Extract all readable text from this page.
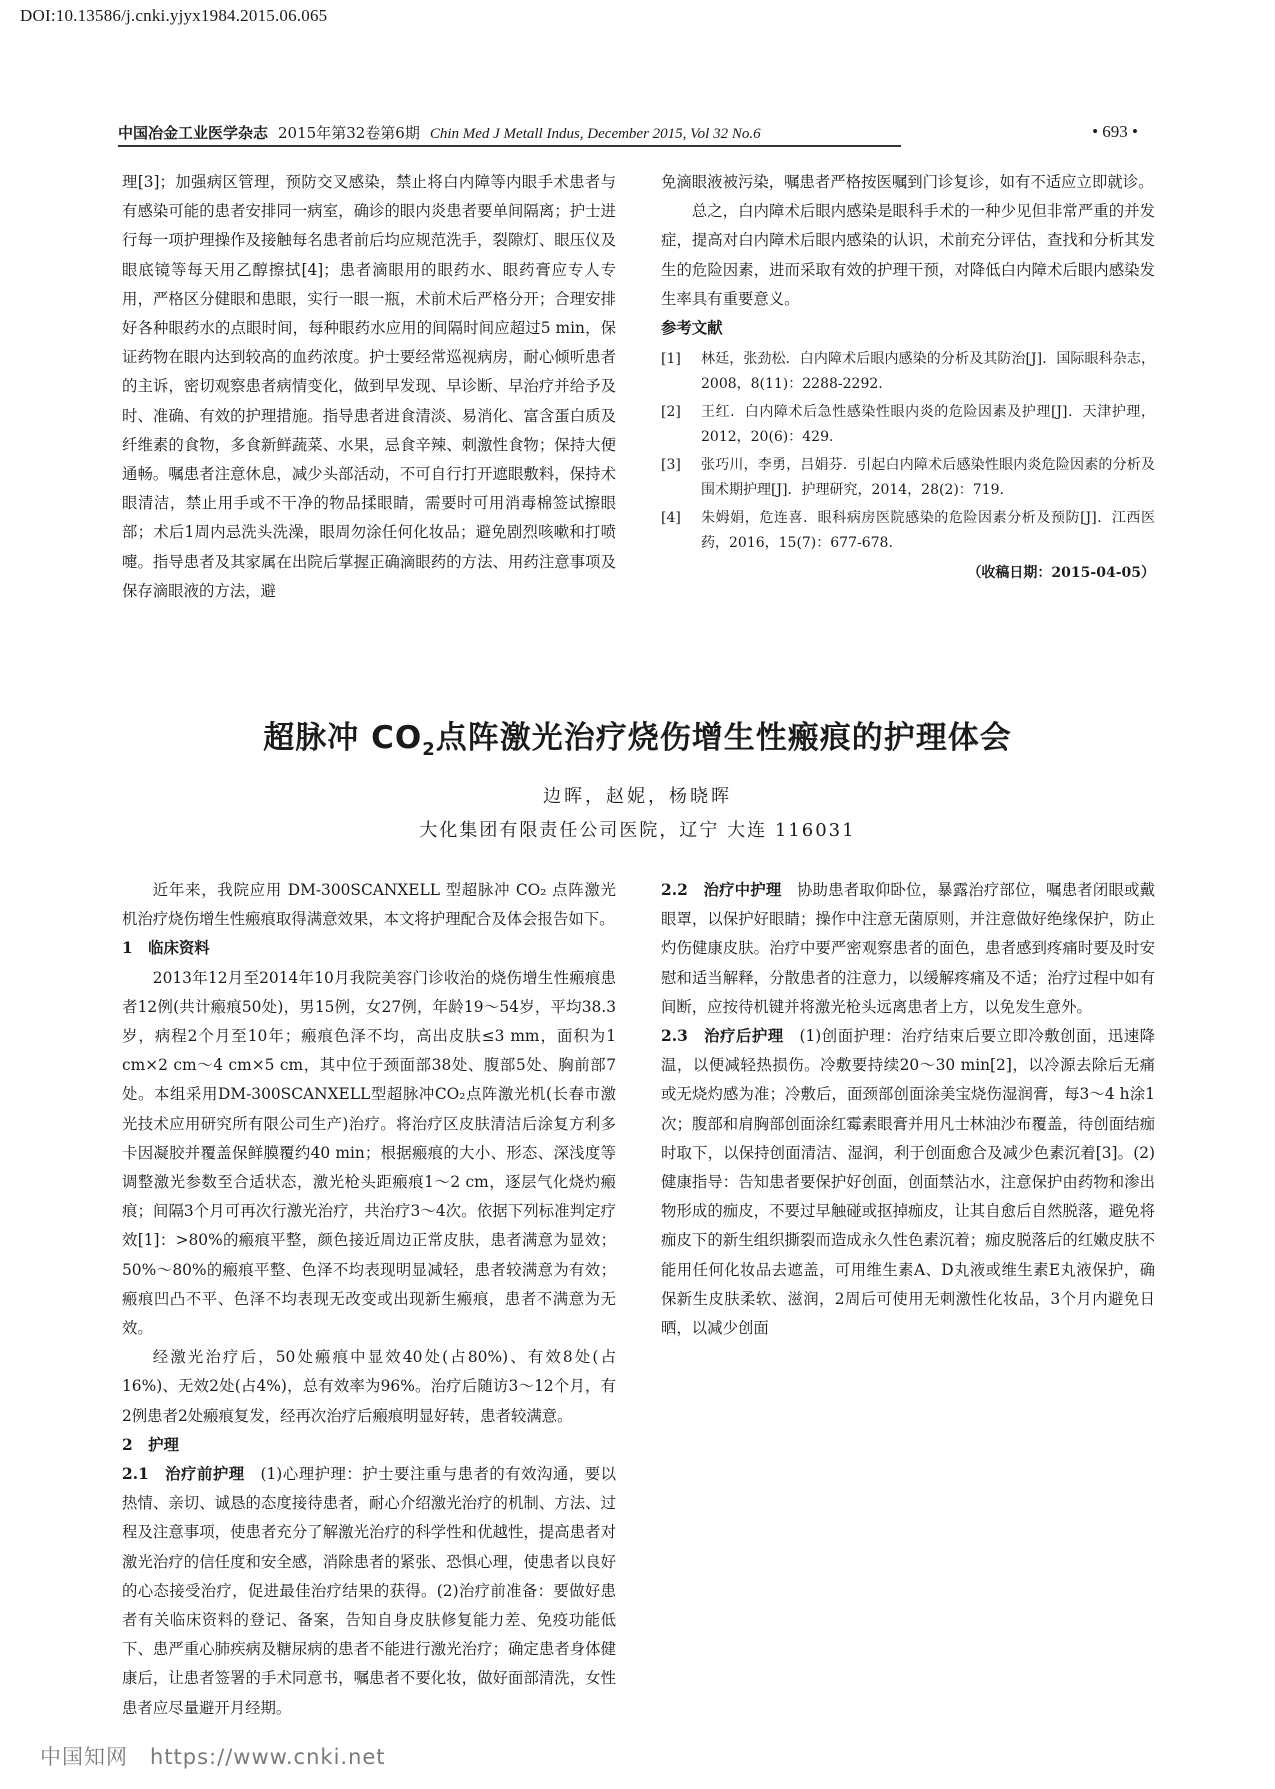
DOI:10.13586/j.cnki.yjyx1984.2015.06.065
中国冶金工业医学杂志 2015年第32卷第6期 Chin Med J Metall Indus, December 2015, Vol 32 No.6	• 693 •

理[3]；加强病区管理，预防交叉感染，禁止将白内障等内眼手术患者与有感染可能的患者安排同一病室，确诊的眼内炎患者要单间隔离；护士进行每一项护理操作及接触每名患者前后均应规范洗手，裂隙灯、眼压仪及眼底镜等每天用乙醇擦拭[4]；患者滴眼用的眼药水、眼药膏应专人专用，严格区分健眼和患眼，实行一眼一瓶，术前术后严格分开；合理安排好各种眼药水的点眼时间，每种眼药水应用的间隔时间应超过5 min，保证药物在眼内达到较高的血药浓度。护士要经常巡视病房，耐心倾听患者的主诉，密切观察患者病情变化，做到早发现、早诊断、早治疗并给予及时、准确、有效的护理措施。指导患者进食清淡、易消化、富含蛋白质及纤维素的食物，多食新鲜蔬菜、水果，忌食辛辣、刺激性食物；保持大便通畅。嘱患者注意休息，减少头部活动，不可自行打开遮眼敷料，保持术眼清洁，禁止用手或不干净的物品揉眼睛，需要时可用消毒棉签试擦眼部；术后1周内忌洗头洗澡，眼周勿涂任何化妆品；避免剧烈咳嗽和打喷嚏。指导患者及其家属在出院后掌握正确滴眼药的方法、用药注意事项及保存滴眼液的方法，避

免滴眼液被污染，嘱患者严格按医嘱到门诊复诊，如有不适应立即就诊。

总之，白内障术后眼内感染是眼科手术的一种少见但非常严重的并发症，提高对白内障术后眼内感染的认识，术前充分评估，查找和分析其发生的危险因素，进而采取有效的护理干预，对降低白内障术后眼内感染发生率具有重要意义。

参考文献

[1]	林廷，张劲松．白内障术后眼内感染的分析及其防治[J]．国际眼科杂志，2008，8(11)：2288-2292.
[2]	王红．白内障术后急性感染性眼内炎的危险因素及护理[J]．天津护理，2012，20(6)：429.
[3]	张巧川，李勇，吕娟芬．引起白内障术后感染性眼内炎危险因素的分析及围术期护理[J]．护理研究，2014，28(2)：719.
[4]	朱姆娟，危连喜．眼科病房医院感染的危险因素分析及预防[J]．江西医药，2016，15(7)：677-678.

（收稿日期：2015-04-05）

超脉冲 $CO_2$点阵激光治疗烧伤增生性瘢痕的护理体会
边晖，赵妮，杨晓晖
大化集团有限责任公司医院，辽宁 大连 116031

近年来，我院应用 DM-300SCANXELL 型超脉冲 CO₂ 点阵激光机治疗烧伤增生性瘢痕取得满意效果，本文将护理配合及体会报告如下。

1　临床资料

2013年12月至2014年10月我院美容门诊收治的烧伤增生性瘢痕患者12例(共计瘢痕50处)，男15例，女27例，年龄19～54岁，平均38.3岁，病程2个月至10年；瘢痕色泽不均，高出皮肤≤3 mm，面积为1 cm×2 cm～4 cm×5 cm，其中位于颈面部38处、腹部5处、胸前部7处。本组采用DM-300SCANXELL型超脉冲CO₂点阵激光机(长春市激光技术应用研究所有限公司生产)治疗。将治疗区皮肤清洁后涂复方利多卡因凝胶并覆盖保鲜膜覆约40 min；根据瘢痕的大小、形态、深浅度等调整激光参数至合适状态，激光枪头距瘢痕1～2 cm，逐层气化烧灼瘢痕；间隔3个月可再次行激光治疗，共治疗3～4次。依据下列标准判定疗效[1]：>80%的瘢痕平整，颜色接近周边正常皮肤，患者满意为显效；50%～80%的瘢痕平整、色泽不均表现明显减轻，患者较满意为有效；瘢痕凹凸不平、色泽不均表现无改变或出现新生瘢痕，患者不满意为无效。

经激光治疗后，50处瘢痕中显效40处(占80%)、有效8处(占16%)、无效2处(占4%)，总有效率为96%。治疗后随访3～12个月，有2例患者2处瘢痕复发，经再次治疗后瘢痕明显好转，患者较满意。

2　护理

2.1　治疗前护理　 (1)心理护理：护士要注重与患者的有效沟通，要以热情、亲切、诚恳的态度接待患者，耐心介绍激光治疗的机制、方法、过程及注意事项，使患者充分了解激光治疗的科学性和优越性，提高患者对激光治疗的信任度和安全感，消除患者的紧张、恐惧心理，使患者以良好的心态接受治疗，促进最佳治疗结果的获得。(2)治疗前准备：要做好患者有关临床资料的登记、备案，告知自身皮肤修复能力差、免疫功能低下、患严重心肺疾病及糖尿病的患者不能进行激光治疗；确定患者身体健康后，让患者签署的手术同意书，嘱患者不要化妆，做好面部清洗，女性患者应尽量避开月经期。

2.2　治疗中护理　 协助患者取仰卧位，暴露治疗部位，嘱患者闭眼或戴眼罩，以保护好眼睛；操作中注意无菌原则，并注意做好绝缘保护，防止灼伤健康皮肤。治疗中要严密观察患者的面色，患者感到疼痛时要及时安慰和适当解释，分散患者的注意力，以缓解疼痛及不适；治疗过程中如有间断，应按待机键并将激光枪头远离患者上方，以免发生意外。

2.3　治疗后护理　 (1)创面护理：治疗结束后要立即冷敷创面，迅速降温，以便减轻热损伤。冷敷要持续20～30 min[2]，以冷源去除后无痛或无烧灼感为准；冷敷后，面颈部创面涂美宝烧伤湿润膏，每3～4 h涂1次；腹部和肩胸部创面涂红霉素眼膏并用凡士林油沙布覆盖，待创面结痂时取下，以保持创面清洁、湿润，利于创面愈合及减少色素沉着[3]。(2)健康指导：告知患者要保护好创面，创面禁沾水，注意保护由药物和渗出物形成的痂皮，不要过早触碰或抠掉痂皮，让其自愈后自然脱落，避免将痂皮下的新生组织撕裂而造成永久性色素沉着；痂皮脱落后的红嫩皮肤不能用任何化妆品去遮盖，可用维生素A、D丸液或维生素E丸液保护，确保新生皮肤柔软、滋润，2周后可使用无刺激性化妆品，3个月内避免日晒，以减少创面

中国知网　https://www.cnki.net
